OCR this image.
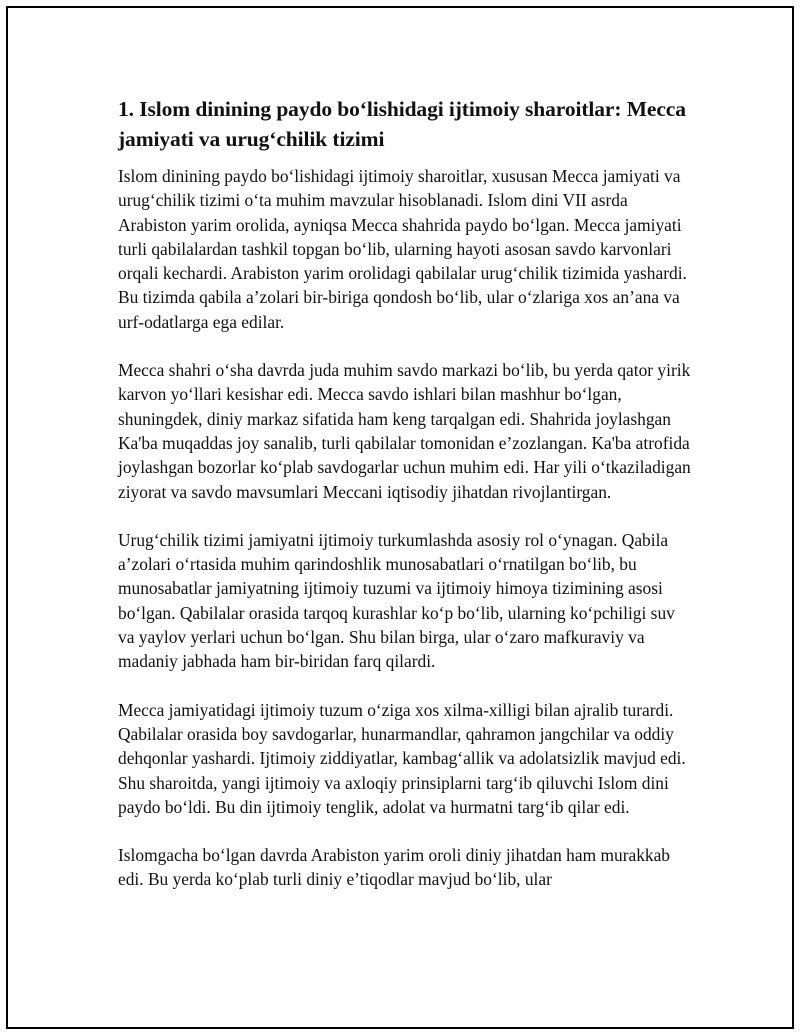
1. Islom dinining paydo bo‘lishidagi ijtimoiy sharoitlar: Mecca jamiyati va urug‘chilik tizimi

Islom dinining paydo bo‘lishidagi ijtimoiy sharoitlar, xususan Mecca jamiyati va urug‘chilik tizimi o‘ta muhim mavzular hisoblanadi. Islom dini VII asrda Arabiston yarim orolida, ayniqsa Mecca shahrida paydo bo‘lgan. Mecca jamiyati turli qabilalardan tashkil topgan bo‘lib, ularning hayoti asosan savdo karvonlari orqali kechardi. Arabiston yarim orolidagi qabilalar urug‘chilik tizimida yashardi. Bu tizimda qabila a’zolari bir-biriga qondosh bo‘lib, ular o‘zlariga xos an’ana va urf-odatlarga ega edilar.

Mecca shahri o‘sha davrda juda muhim savdo markazi bo‘lib, bu yerda qator yirik karvon yo‘llari kesishar edi. Mecca savdo ishlari bilan mashhur bo‘lgan, shuningdek, diniy markaz sifatida ham keng tarqalgan edi. Shahrida joylashgan Ka'ba muqaddas joy sanalib, turli qabilalar tomonidan e’zozlangan. Ka'ba atrofida joylashgan bozorlar ko‘plab savdogarlar uchun muhim edi. Har yili o‘tkaziladigan ziyorat va savdo mavsumlari Meccani iqtisodiy jihatdan rivojlantirgan.

Urug‘chilik tizimi jamiyatni ijtimoiy turkumlashda asosiy rol o‘ynagan. Qabila a’zolari o‘rtasida muhim qarindoshlik munosabatlari o‘rnatilgan bo‘lib, bu munosabatlar jamiyatning ijtimoiy tuzumi va ijtimoiy himoya tizimining asosi bo‘lgan. Qabilalar orasida tarqoq kurashlar ko‘p bo‘lib, ularning ko‘pchiligi suv va yaylov yerlari uchun bo‘lgan. Shu bilan birga, ular o‘zaro mafkuraviy va madaniy jabhada ham bir-biridan farq qilardi.

Mecca jamiyatidagi ijtimoiy tuzum o‘ziga xos xilma-xilligi bilan ajralib turardi. Qabilalar orasida boy savdogarlar, hunarmandlar, qahramon jangchilar va oddiy dehqonlar yashardi. Ijtimoiy ziddiyatlar, kambag‘allik va adolatsizlik mavjud edi. Shu sharoitda, yangi ijtimoiy va axloqiy prinsiplarni targ‘ib qiluvchi Islom dini paydo bo‘ldi. Bu din ijtimoiy tenglik, adolat va hurmatni targ‘ib qilar edi.

Islomgacha bo‘lgan davrda Arabiston yarim oroli diniy jihatdan ham murakkab edi. Bu yerda ko‘plab turli diniy e’tiqodlar mavjud bo‘lib, ular
